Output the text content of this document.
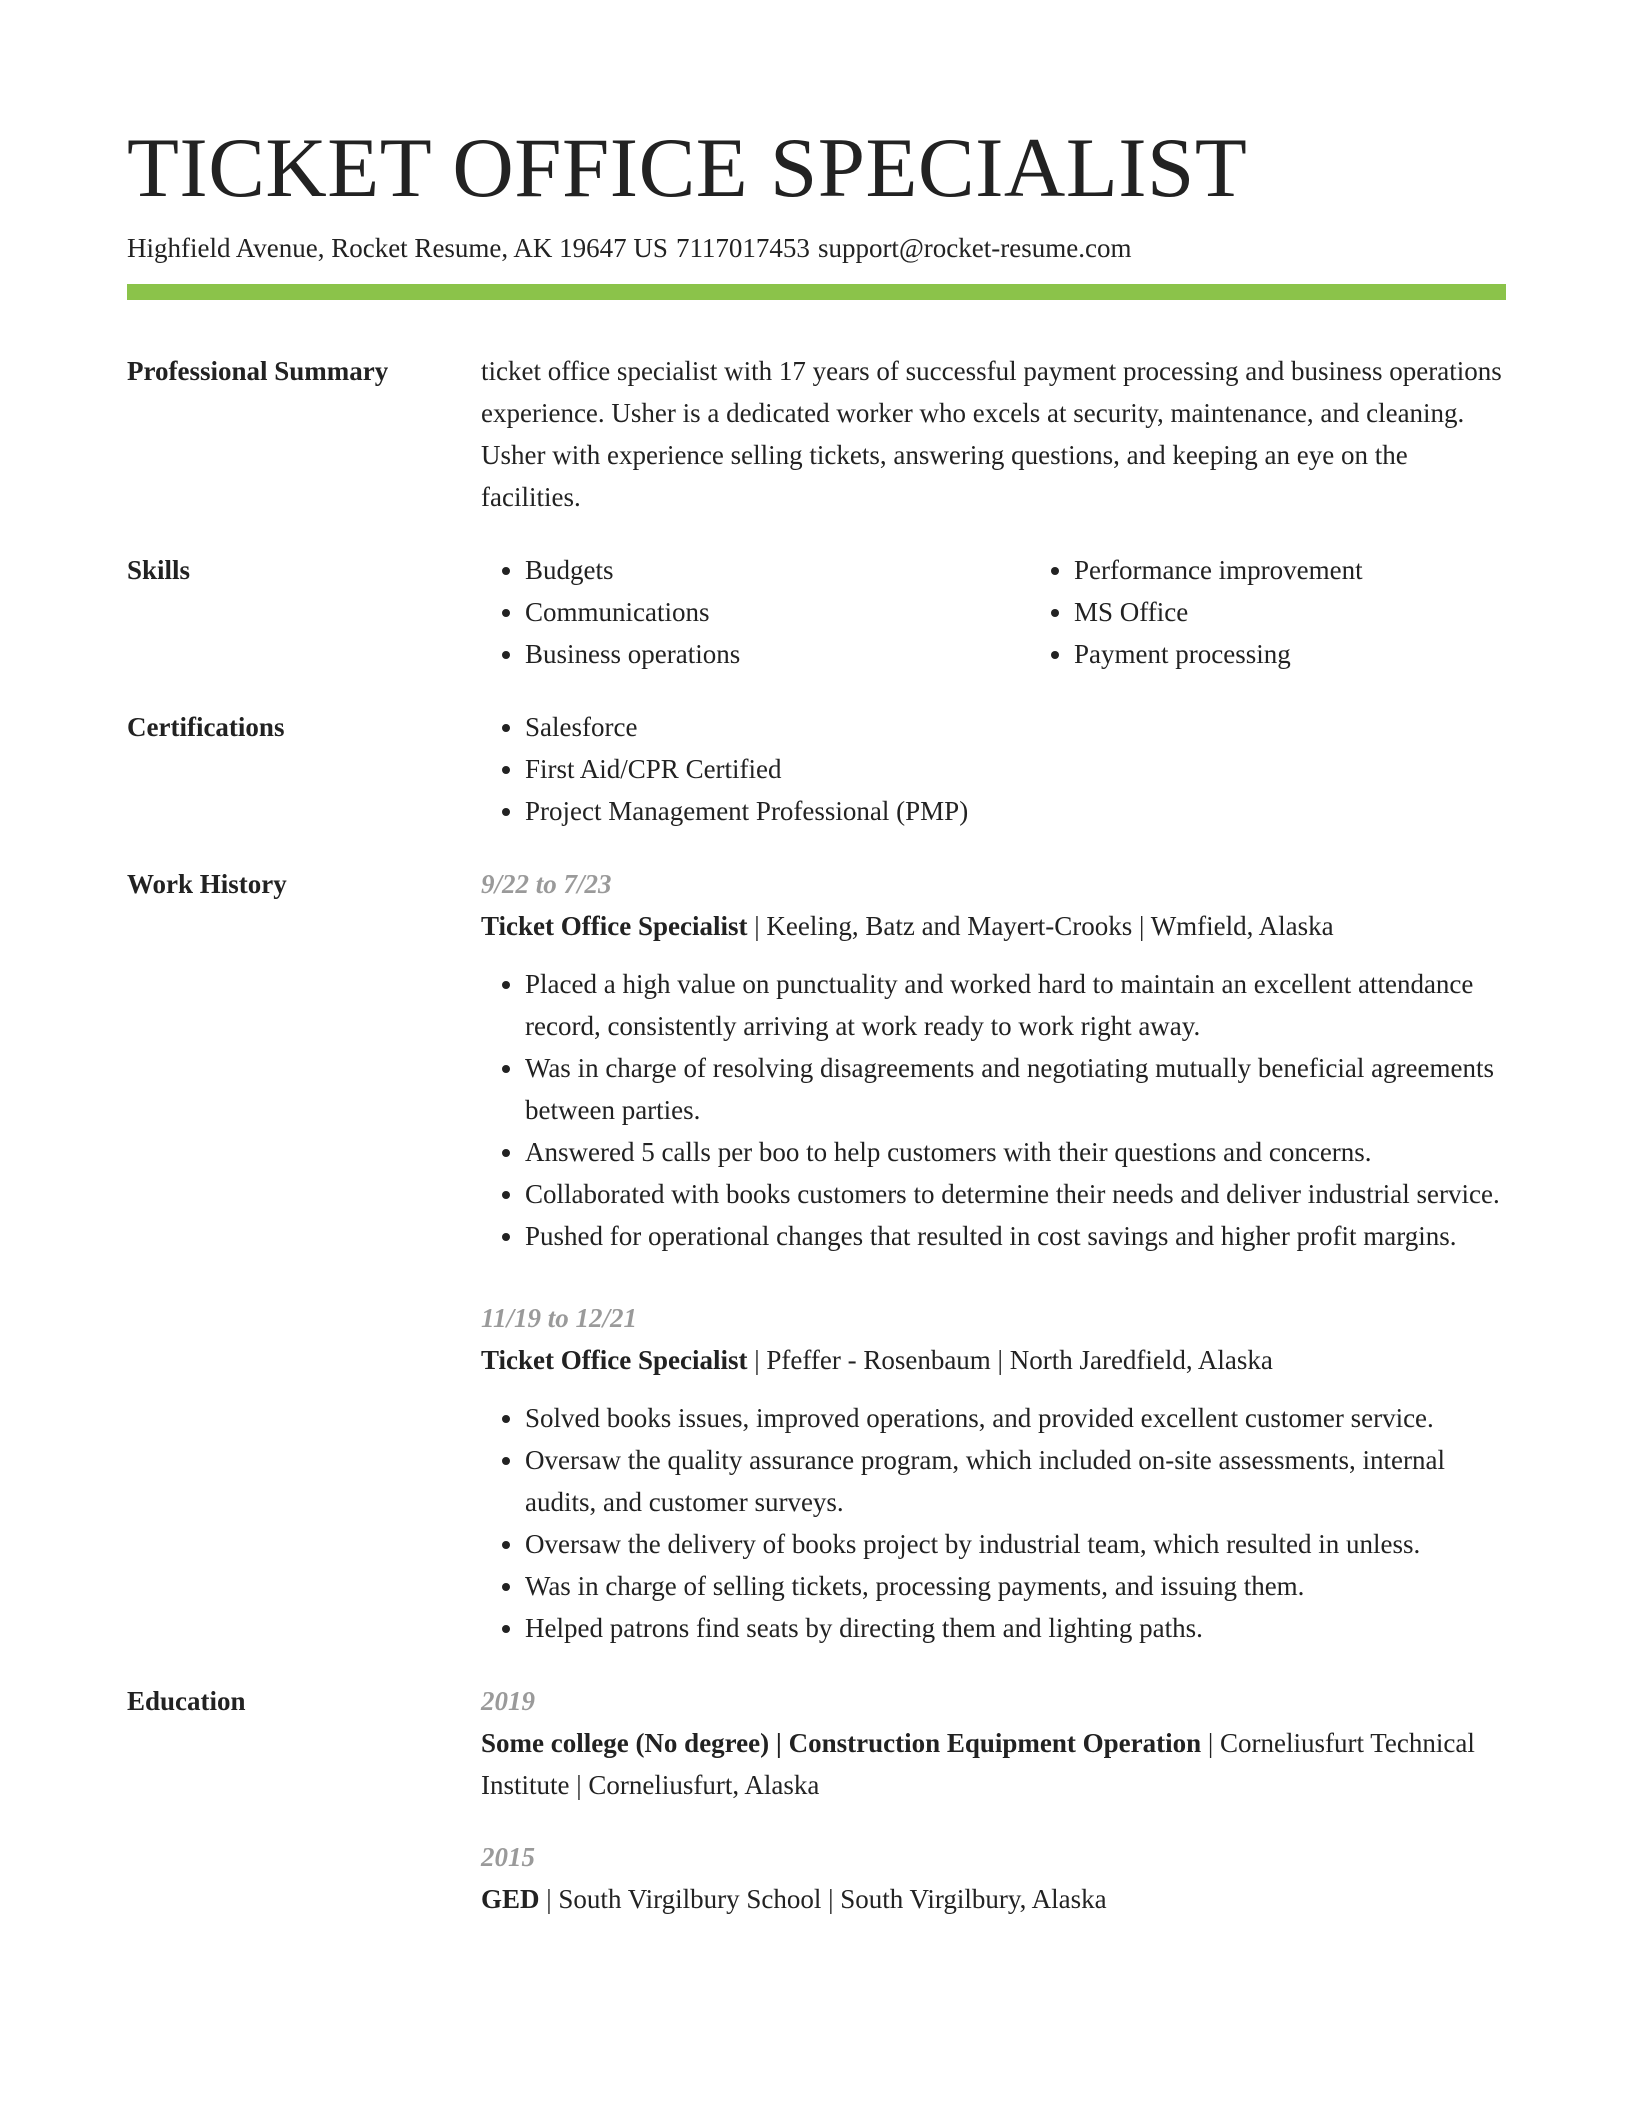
TICKET OFFICE SPECIALIST
Highfield Avenue, Rocket Resume, AK 19647 US 7117017453 support@rocket-resume.com
Professional Summary	ticket office specialist with 17 years of successful payment processing and business operations experience. Usher is a dedicated worker who excels at security, maintenance, and cleaning. Usher with experience selling tickets, answering questions, and keeping an eye on the facilities.

Skills	• Budgets
• Communications
• Business operations
• Performance improvement
• MS Office
• Payment processing
Certifications	• Salesforce
• First Aid/CPR Certified
• Project Management Professional (PMP)
Work History	9/22 to 7/23
Ticket Office Specialist | Keeling, Batz and Mayert-Crooks | Wmfield, Alaska
• Placed a high value on punctuality and worked hard to maintain an excellent attendance record, consistently arriving at work ready to work right away.
• Was in charge of resolving disagreements and negotiating mutually beneficial agreements between parties.
• Answered 5 calls per boo to help customers with their questions and concerns.
• Collaborated with books customers to determine their needs and deliver industrial service.
• Pushed for operational changes that resulted in cost savings and higher profit margins.
11/19 to 12/21
Ticket Office Specialist | Pfeffer - Rosenbaum | North Jaredfield, Alaska
• Solved books issues, improved operations, and provided excellent customer service.
• Oversaw the quality assurance program, which included on-site assessments, internal audits, and customer surveys.
• Oversaw the delivery of books project by industrial team, which resulted in unless.
• Was in charge of selling tickets, processing payments, and issuing them.
• Helped patrons find seats by directing them and lighting paths.
Education	2019
Some college (No degree) | Construction Equipment Operation | Corneliusfurt Technical Institute | Corneliusfurt, Alaska
2015
GED | South Virgilbury School | South Virgilbury, Alaska
